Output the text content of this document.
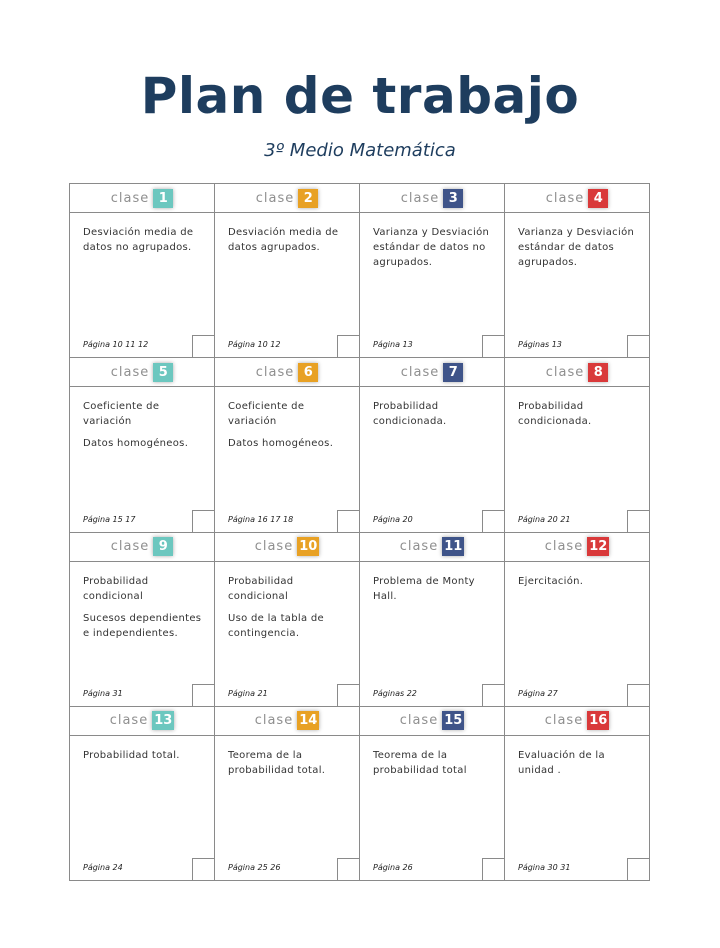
Plan de trabajo
3º Medio Matemática
clase 1

Desviación media de datos no agrupados.

Página 10 11 12
clase 2

Desviación media de datos agrupados.

Página 10 12
clase 3

Varianza y Desviación estándar de datos no agrupados.

Página 13
clase 4

Varianza y Desviación estándar de datos agrupados.

Páginas 13
clase 5

Coeficiente de variación

Datos homogéneos.

Página 15 17
clase 6

Coeficiente de variación

Datos homogéneos.

Página 16 17 18
clase 7

Probabilidad condicionada.

Página 20
clase 8

Probabilidad condicionada.

Página 20 21
clase 9

Probabilidad condicional

Sucesos dependientes e independientes.

Página 31
clase 10

Probabilidad condicional

Uso de la tabla de contingencia.

Página 21
clase 11

Problema de Monty Hall.

Páginas 22
clase 12

Ejercitación.

Página 27
clase 13

Probabilidad total.

Página 24
clase 14

Teorema de la probabilidad total.

Página 25 26
clase 15

Teorema de la probabilidad total

Página 26
clase 16

Evaluación de la unidad .

Página 30 31
